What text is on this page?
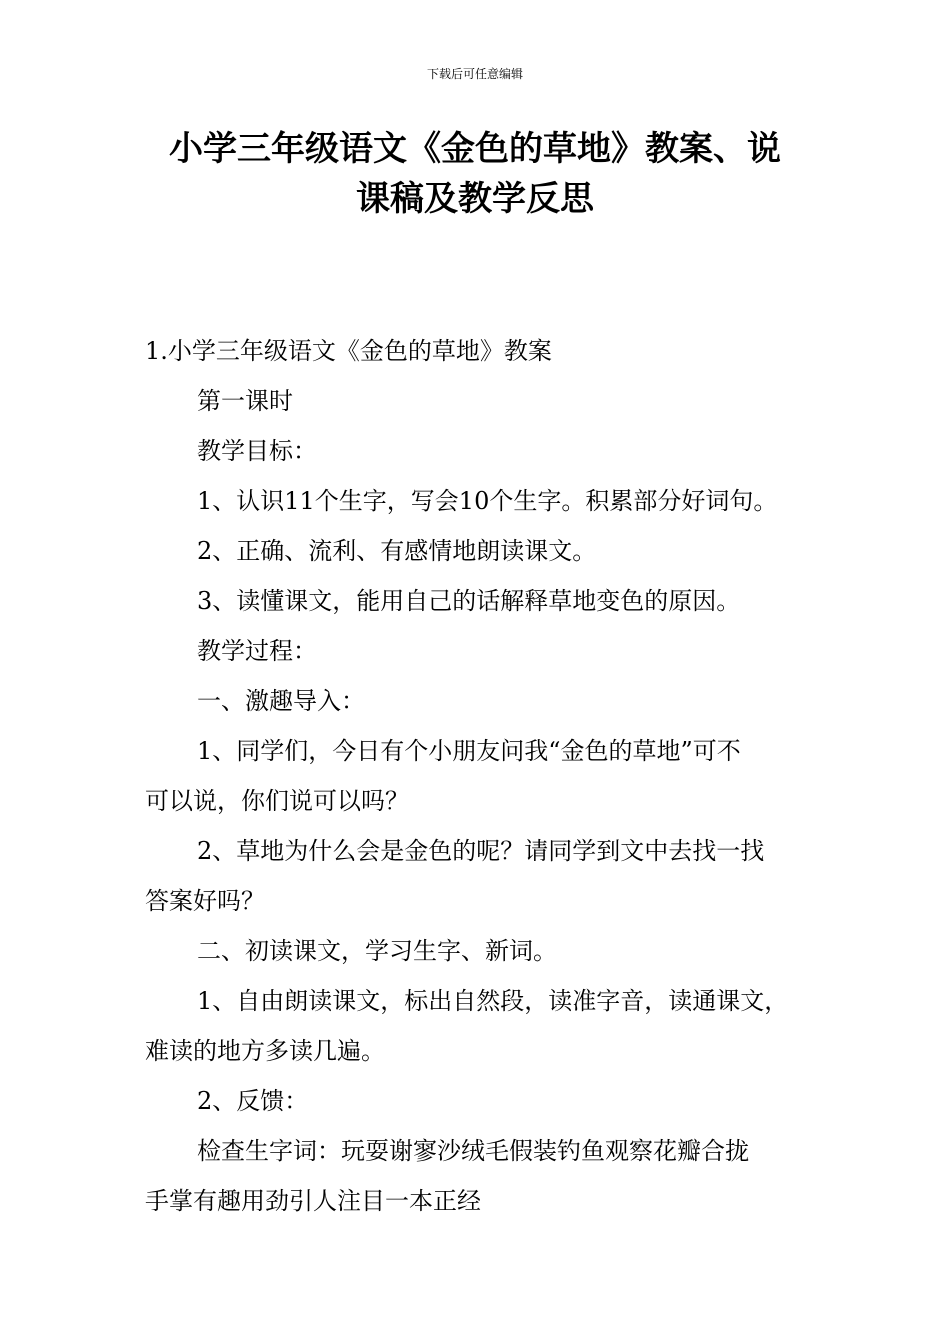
下载后可任意编辑
小学三年级语文《金色的草地》教案、说
课稿及教学反思

1.小学三年级语文《金色的草地》教案

第一课时

教学目标：

1、认识11个生字，写会10个生字。积累部分好词句。

2、正确、流利、有感情地朗读课文。

3、读懂课文，能用自己的话解释草地变色的原因。

教学过程：

一、激趣导入：

1、同学们，今日有个小朋友问我“金色的草地”可不

可以说，你们说可以吗？

2、草地为什么会是金色的呢？请同学到文中去找一找

答案好吗？

二、初读课文，学习生字、新词。

1、自由朗读课文，标出自然段，读准字音，读通课文，

难读的地方多读几遍。

2、反馈：

检查生字词：玩耍谢寥沙绒毛假装钓鱼观察花瓣合拢

手掌有趣用劲引人注目一本正经
